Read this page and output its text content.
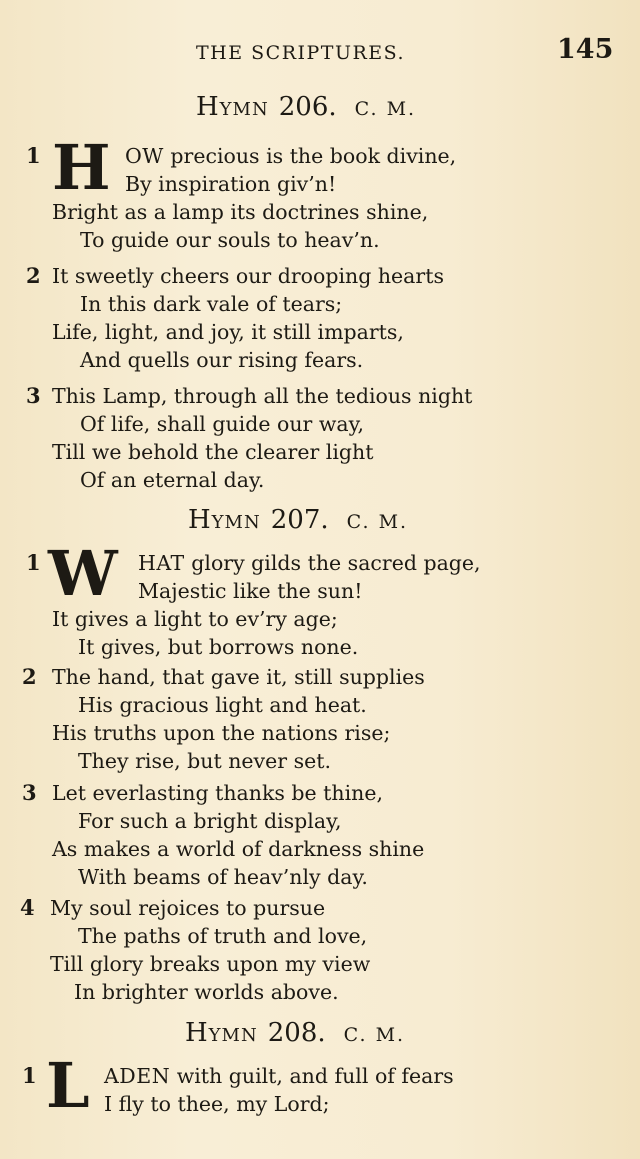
THE SCRIPTURES.	145
Hymn 206. C. M.
1 H OW precious is the book divine,
By inspiration giv’n!
Bright as a lamp its doctrines shine,
To guide our souls to heav’n.
2 It sweetly cheers our drooping hearts
In this dark vale of tears;
Life, light, and joy, it still imparts,
And quells our rising fears.
3 This Lamp, through all the tedious night
Of life, shall guide our way,
Till we behold the clearer light
Of an eternal day.
Hymn 207. C. M.
1 W HAT glory gilds the sacred page,
Majestic like the sun!
It gives a light to ev’ry age;
It gives, but borrows none.
2 The hand, that gave it, still supplies
His gracious light and heat.
His truths upon the nations rise;
They rise, but never set.
3 Let everlasting thanks be thine,
For such a bright display,
As makes a world of darkness shine
With beams of heav’nly day.
4 My soul rejoices to pursue
The paths of truth and love,
Till glory breaks upon my view
In brighter worlds above.
Hymn 208. C. M.
1 L ADEN with guilt, and full of fears
I fly to thee, my Lord;
